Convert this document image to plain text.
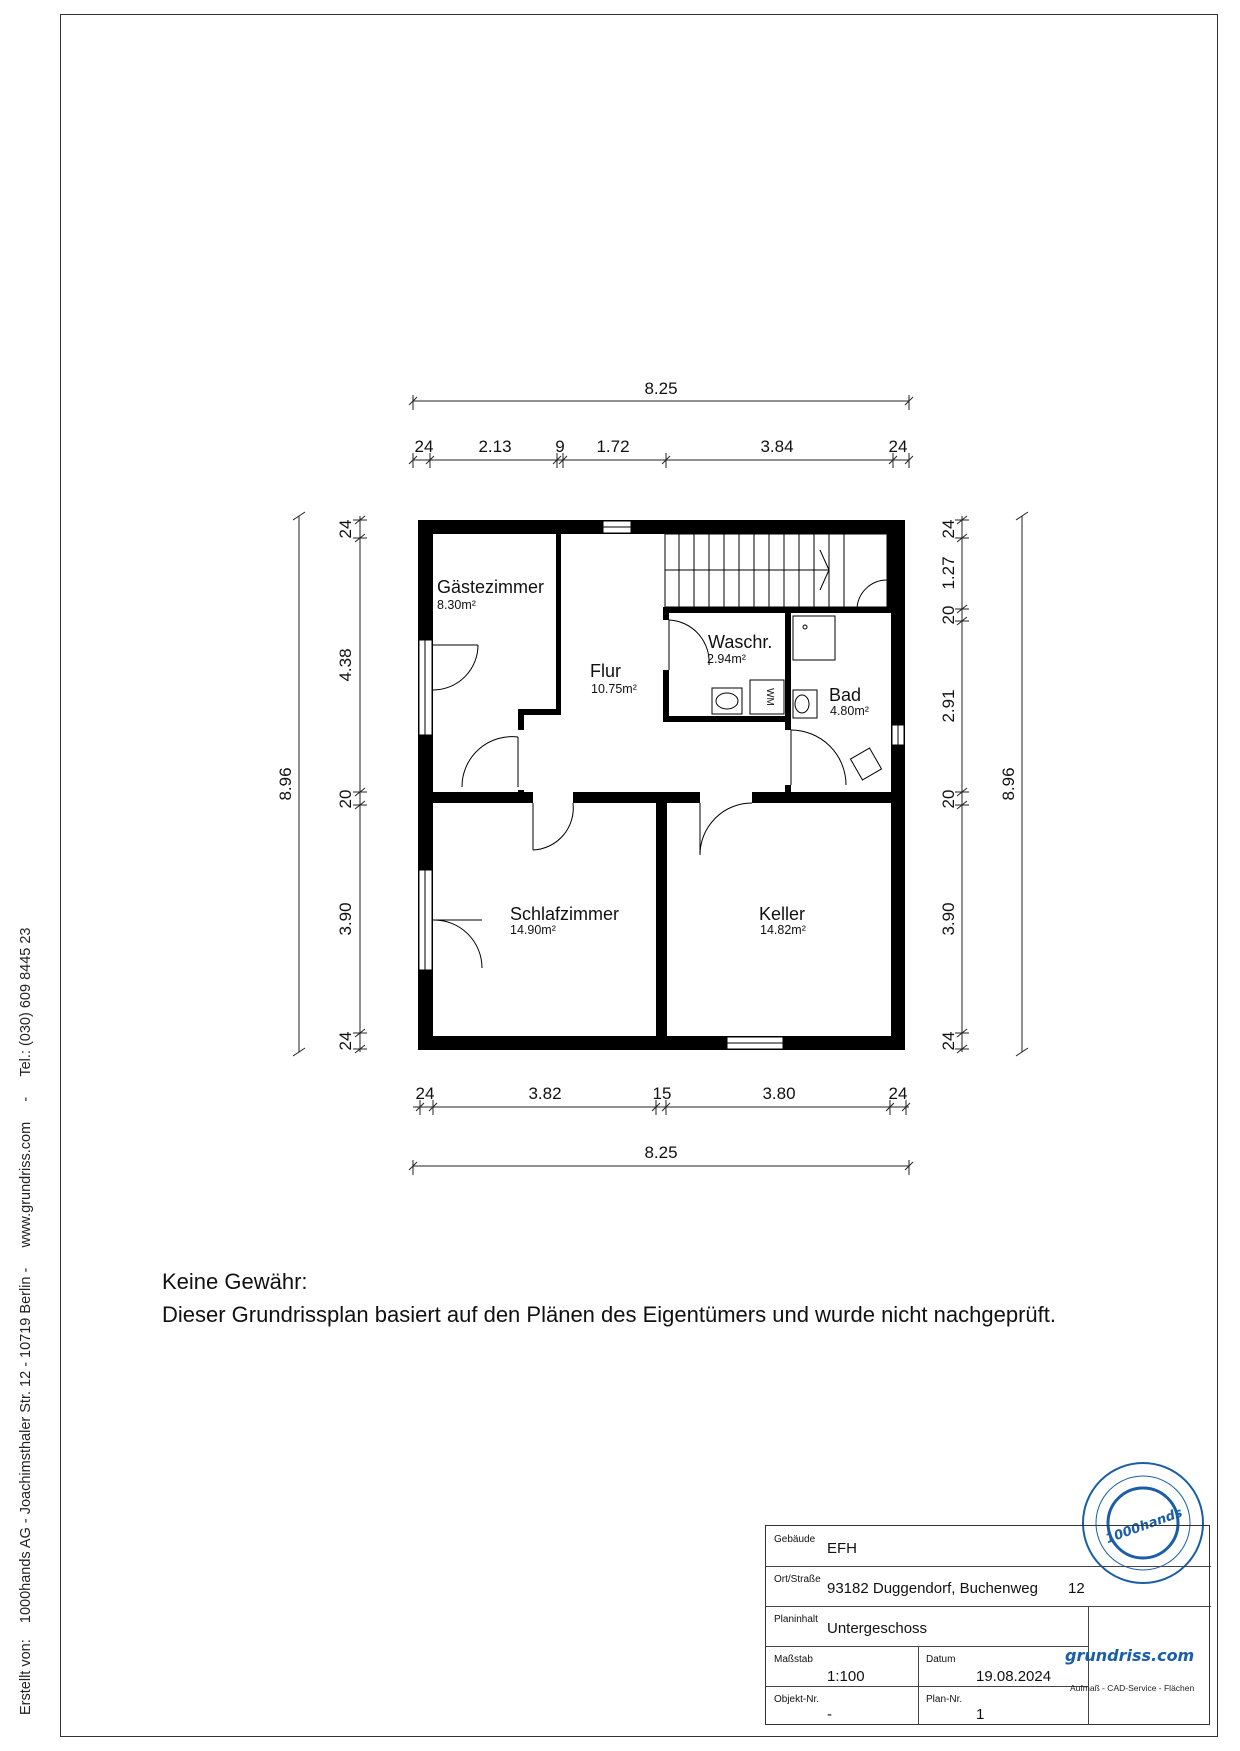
Erstellt von:    1000hands AG - Joachimsthaler Str. 12 - 10719 Berlin -     www.grundriss.com     -     Tel.: (030) 609 8445 23
8.25
24	2.13	9 1.72	3.84	24
24	3.82	15	3.80	24
8.25
8.96
24
4.38
20
3.90
24
24
1.27
20
2.91
20
3.90
24
8.96
WM
Gästezimmer
8.30m²
Flur
10.75m²
Waschr.
2.94m²
Bad
4.80m²
Schlafzimmer
14.90m²
Keller
14.82m²
Keine Gewähr:
Dieser Grundrissplan basiert auf den Plänen des Eigentümers und wurde nicht nachgeprüft.
1000hands
Gebäude
EFH
Ort/Straße
93182 Duggendorf, Buchenweg 12
Planinhalt
Untergeschoss
Maßstab
1:100
Datum
19.08.2024
Objekt-Nr.
-
Plan-Nr.
1
grundriss.com
Aufmaß - CAD-Service - Flächen
